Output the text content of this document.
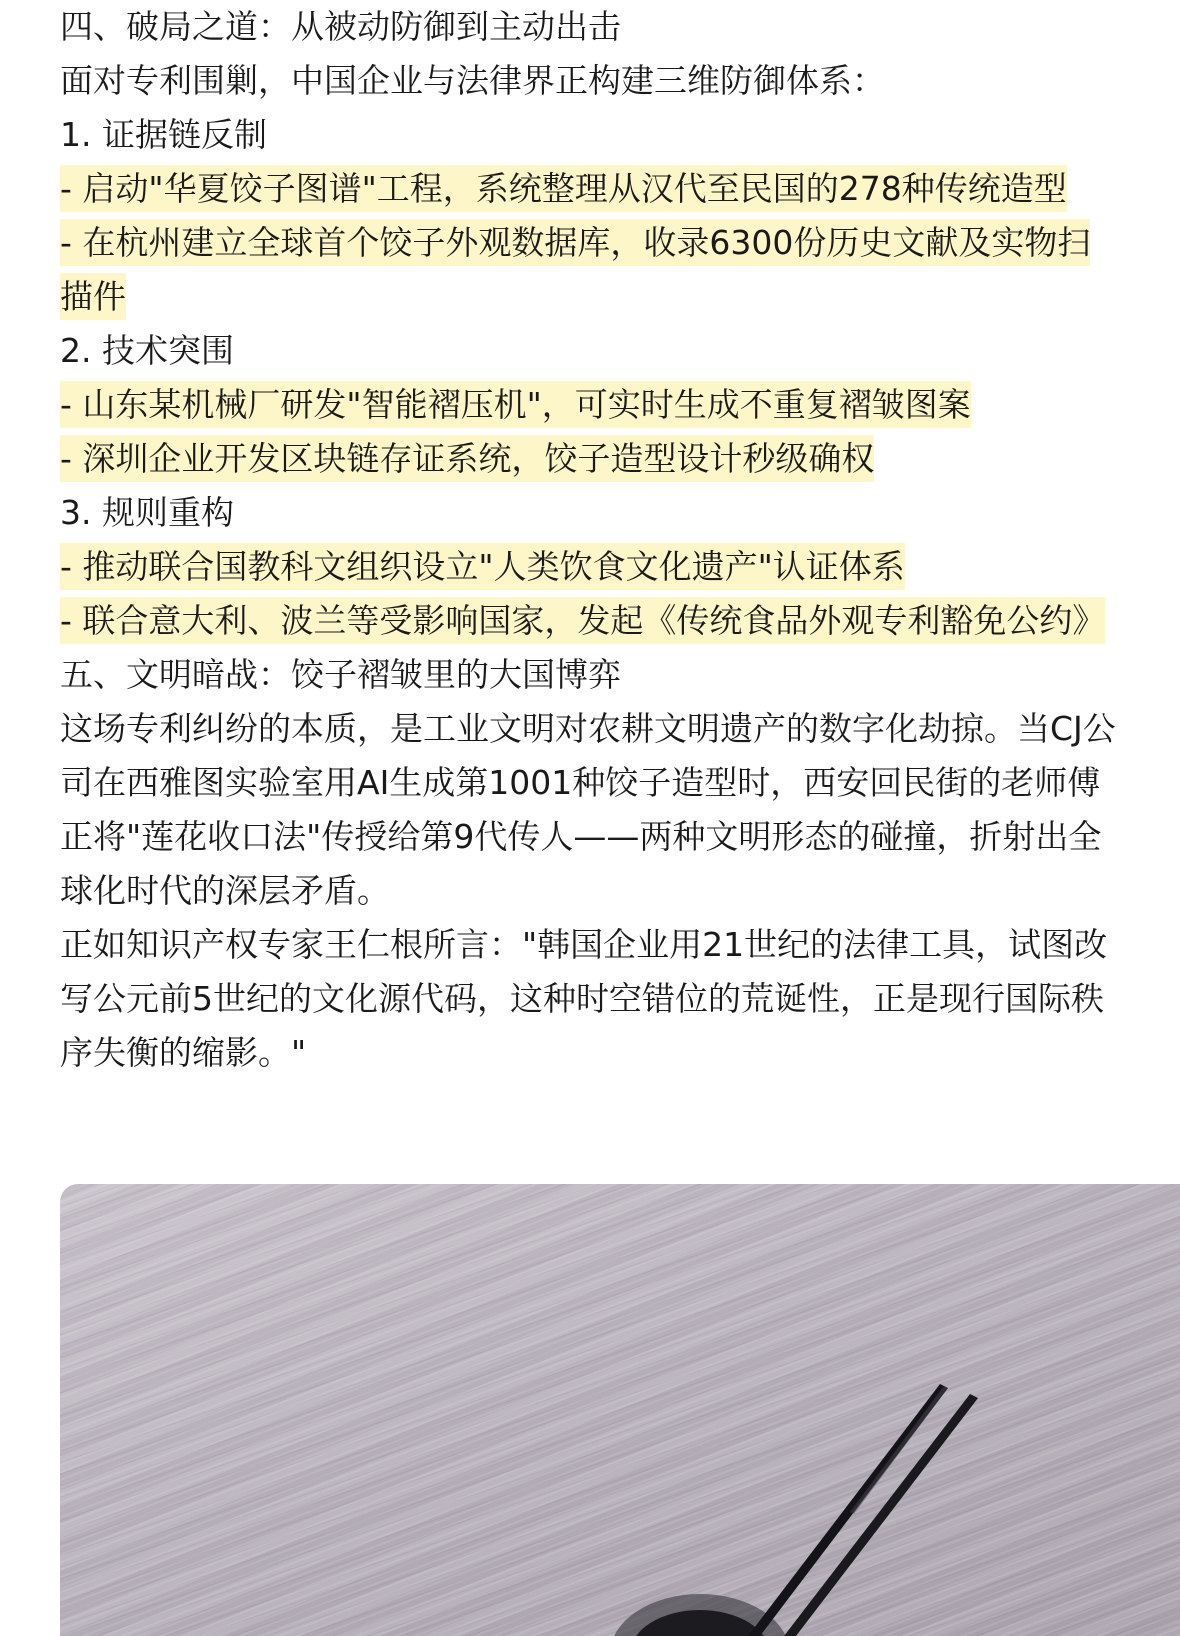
四、破局之道：从被动防御到主动出击
面对专利围剿，中国企业与法律界正构建三维防御体系：
1. 证据链反制
- 启动"华夏饺子图谱"工程，系统整理从汉代至民国的278种传统造型
- 在杭州建立全球首个饺子外观数据库，收录6300份历史文献及实物扫描件
2. 技术突围
- 山东某机械厂研发"智能褶压机"，可实时生成不重复褶皱图案
- 深圳企业开发区块链存证系统，饺子造型设计秒级确权
3. 规则重构
- 推动联合国教科文组织设立"人类饮食文化遗产"认证体系
- 联合意大利、波兰等受影响国家，发起《传统食品外观专利豁免公约》
五、文明暗战：饺子褶皱里的大国博弈
这场专利纠纷的本质，是工业文明对农耕文明遗产的数字化劫掠。当CJ公司在西雅图实验室用AI生成第1001种饺子造型时，西安回民街的老师傅正将"莲花收口法"传授给第9代传人——两种文明形态的碰撞，折射出全球化时代的深层矛盾。
正如知识产权专家王仁根所言："韩国企业用21世纪的法律工具，试图改写公元前5世纪的文化源代码，这种时空错位的荒诞性，正是现行国际秩序失衡的缩影。"
